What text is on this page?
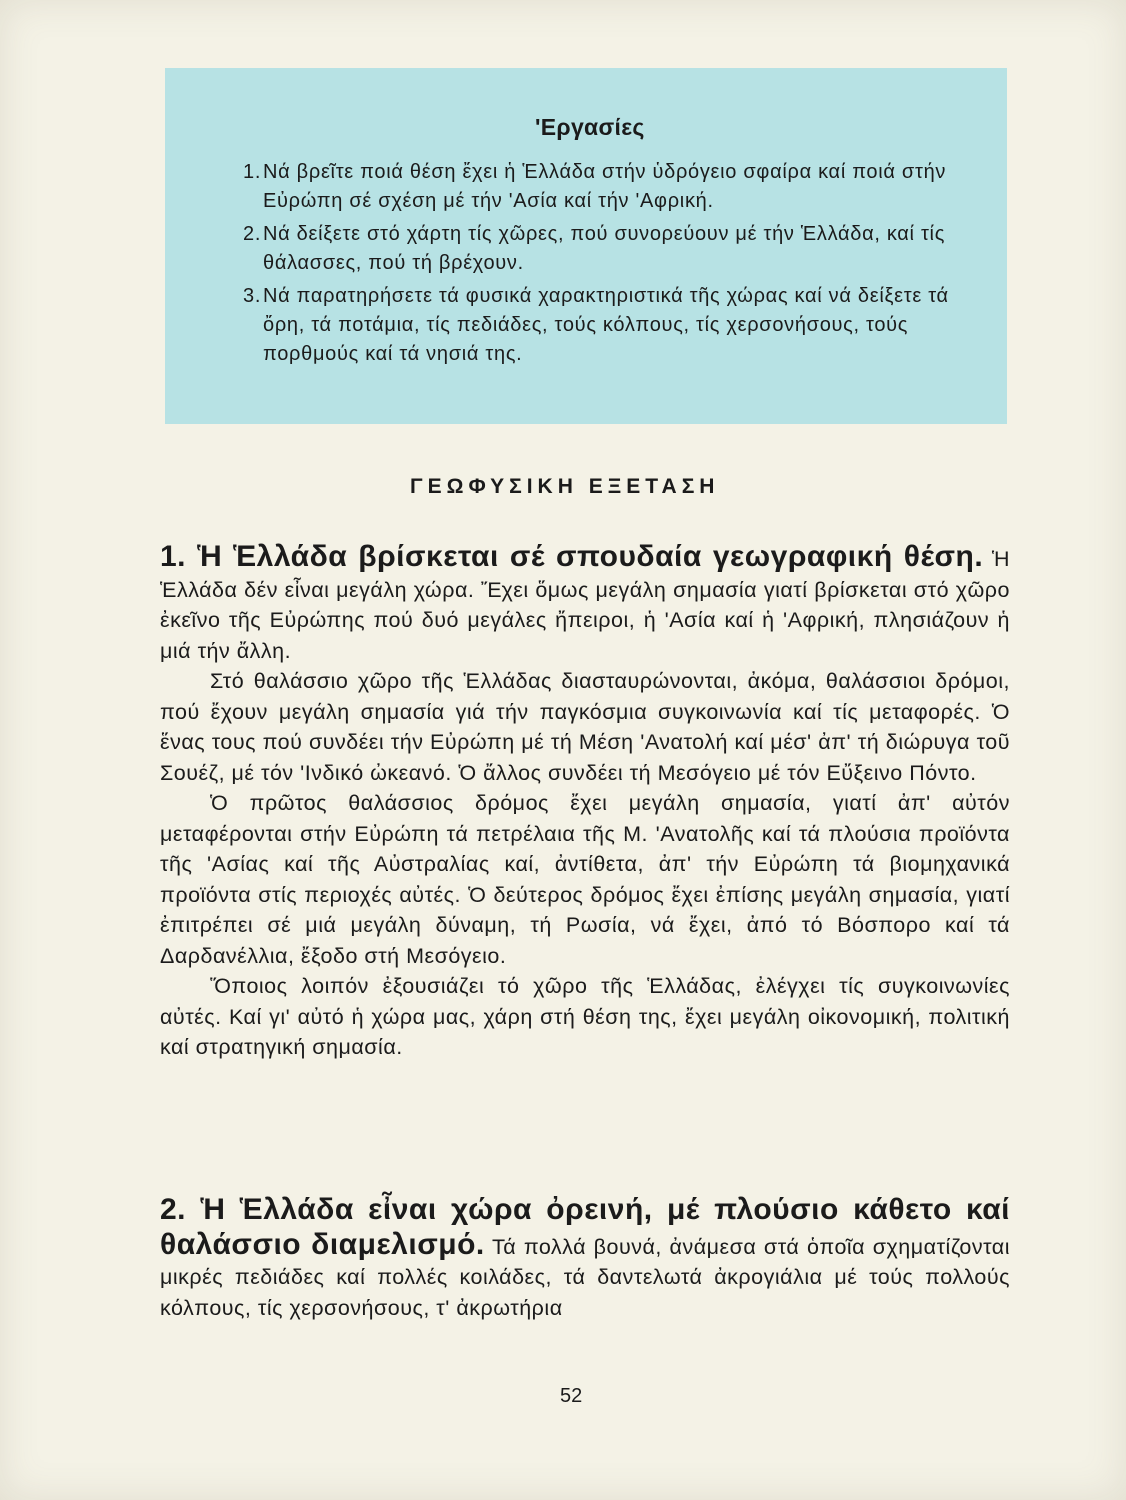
'Εργασίες
1. Νά βρεῖτε ποιά θέση ἔχει ἡ Ἑλλάδα στήν ὑδρόγειο σφαίρα καί ποιά στήν Εὐρώπη σέ σχέση μέ τήν 'Ασία καί τήν 'Αφρική.
2. Νά δείξετε στό χάρτη τίς χῶρες, πού συνορεύουν μέ τήν Ἑλλάδα, καί τίς θάλασσες, πού τή βρέχουν.
3. Νά παρατηρήσετε τά φυσικά χαρακτηριστικά τῆς χώρας καί νά δείξετε τά ὄρη, τά ποτάμια, τίς πεδιάδες, τούς κόλπους, τίς χερσονήσους, τούς πορθμούς καί τά νησιά της.
ΓΕΩΦΥΣΙΚΗ ΕΞΕΤΑΣΗ

1. Ἡ Ἑλλάδα βρίσκεται σέ σπουδαία γεωγραφική θέση. Ἡ Ἑλλάδα δέν εἶναι μεγάλη χώρα. Ἔχει ὅμως μεγάλη σημασία γιατί βρίσκεται στό χῶρο ἐκεῖνο τῆς Εὐρώπης πού δυό μεγάλες ἤπειροι, ἡ 'Ασία καί ἡ 'Αφρική, πλησιάζουν ἡ μιά τήν ἄλλη.

Στό θαλάσσιο χῶρο τῆς Ἑλλάδας διασταυρώνονται, ἀκόμα, θαλάσσιοι δρόμοι, πού ἔχουν μεγάλη σημασία γιά τήν παγκόσμια συγκοινωνία καί τίς μεταφορές. Ὁ ἕνας τους πού συνδέει τήν Εὐρώπη μέ τή Μέση 'Ανατολή καί μέσ' ἀπ' τή διώρυγα τοῦ Σουέζ, μέ τόν 'Ινδικό ὠκεανό. Ὁ ἄλλος συνδέει τή Μεσόγειο μέ τόν Εὔξεινο Πόντο.

Ὁ πρῶτος θαλάσσιος δρόμος ἔχει μεγάλη σημασία, γιατί ἀπ' αὐτόν μεταφέρονται στήν Εὐρώπη τά πετρέλαια τῆς Μ. 'Ανατολῆς καί τά πλούσια προϊόντα τῆς 'Ασίας καί τῆς Αὐστραλίας καί, ἀντίθετα, ἀπ' τήν Εὐρώπη τά βιομηχανικά προϊόντα στίς περιοχές αὐτές. Ὁ δεύτερος δρόμος ἔχει ἐπίσης μεγάλη σημασία, γιατί ἐπιτρέπει σέ μιά μεγάλη δύναμη, τή Ρωσία, νά ἔχει, ἀπό τό Βόσπορο καί τά Δαρδανέλλια, ἔξοδο στή Μεσόγειο.

Ὅποιος λοιπόν ἐξουσιάζει τό χῶρο τῆς Ἑλλάδας, ἐλέγχει τίς συγκοινωνίες αὐτές. Καί γι' αὐτό ἡ χώρα μας, χάρη στή θέση της, ἔχει μεγάλη οἰκονομική, πολιτική καί στρατηγική σημασία.

2. Ἡ Ἑλλάδα εἶναι χώρα ὀρεινή, μέ πλούσιο κάθετο καί θαλάσσιο διαμελισμό. Τά πολλά βουνά, ἀνάμεσα στά ὁποῖα σχηματίζονται μικρές πεδιάδες καί πολλές κοιλάδες, τά δαντελωτά ἀκρογιάλια μέ τούς πολλούς κόλπους, τίς χερσονήσους, τ' ἀκρωτήρια

52
